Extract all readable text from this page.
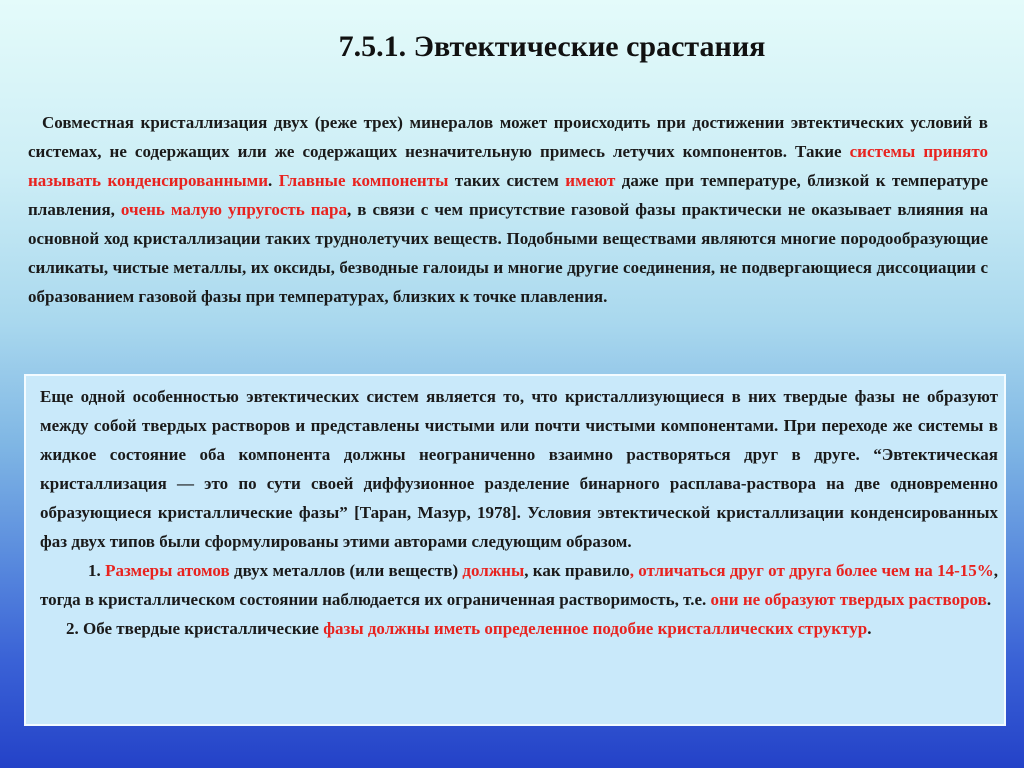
7.5.1. Эвтектические срастания

Совместная кристаллизация двух (реже трех) минералов может происходить при достижении эвтектических условий в системах, не содержащих или же содержащих незначительную примесь летучих компонентов. Такие системы принято называть конденсированными. Главные компоненты таких систем имеют даже при температуре, близкой к температуре плавления, очень малую упругость пара, в связи с чем присутствие газовой фазы практически не оказывает влияния на основной ход кристаллизации таких труднолетучих веществ. Подобными веществами являются многие породообразующие силикаты, чистые металлы, их оксиды, безводные галоиды и многие другие соединения, не подвергающиеся диссоциации с образованием газовой фазы при температурах, близких к точке плавления.

Еще одной особенностью эвтектических систем является то, что кристаллизующиеся в них твердые фазы не образуют между собой твердых растворов и представлены чистыми или почти чистыми компонентами. При переходе же системы в жидкое состояние оба компонента должны неограниченно взаимно растворяться друг в друге. “Эвтектическая кристаллизация — это по сути своей диффузионное разделение бинарного расплава-раствора на две одновременно образующиеся кристаллические фазы” [Таран, Мазур, 1978]. Условия эвтектической кристаллизации конденсированных фаз двух типов были сформулированы этими авторами следующим образом.

1. Размеры атомов двух металлов (или веществ) должны, как правило, отличаться друг от друга более чем на 14-15%, тогда в кристаллическом состоянии наблюдается их ограниченная растворимость, т.е. они не образуют твердых растворов.

2. Обе твердые кристаллические фазы должны иметь определенное подобие кристаллических структур.
